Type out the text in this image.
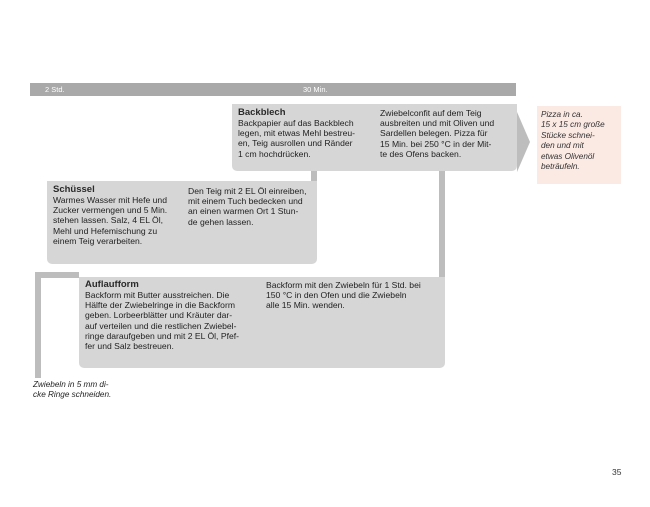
2 Std.	30 Min.
Backblech
Backpapier auf das Backblech
legen, mit etwas Mehl bestreu-
en, Teig ausrollen und Ränder
1 cm hochdrücken.
Zwiebelconfit auf dem Teig
ausbreiten und mit Oliven und
Sardellen belegen. Pizza für
15 Min. bei 250 °C in der Mit-
te des Ofens backen.
Schüssel
Warmes Wasser mit Hefe und
Zucker vermengen und 5 Min.
stehen lassen. Salz, 4 EL Öl,
Mehl und Hefemischung zu
einem Teig verarbeiten.
Den Teig mit 2 EL Öl einreiben,
mit einem Tuch bedecken und
an einen warmen Ort 1 Stun-
de gehen lassen.
Auflaufform
Backform mit Butter ausstreichen. Die
Hälfte der Zwiebelringe in die Backform
geben. Lorbeerblätter und Kräuter dar-
auf verteilen und die restlichen Zwiebel-
ringe daraufgeben und mit 2 EL Öl, Pfef-
fer und Salz bestreuen.
Backform mit den Zwiebeln für 1 Std. bei
150 °C in den Ofen und die Zwiebeln
alle 15 Min. wenden.
Zwiebeln in 5 mm di-
cke Ringe schneiden.
Pizza in ca.
15 x 15 cm große
Stücke schnei-
den und mit
etwas Olivenöl
beträufeln.
35
